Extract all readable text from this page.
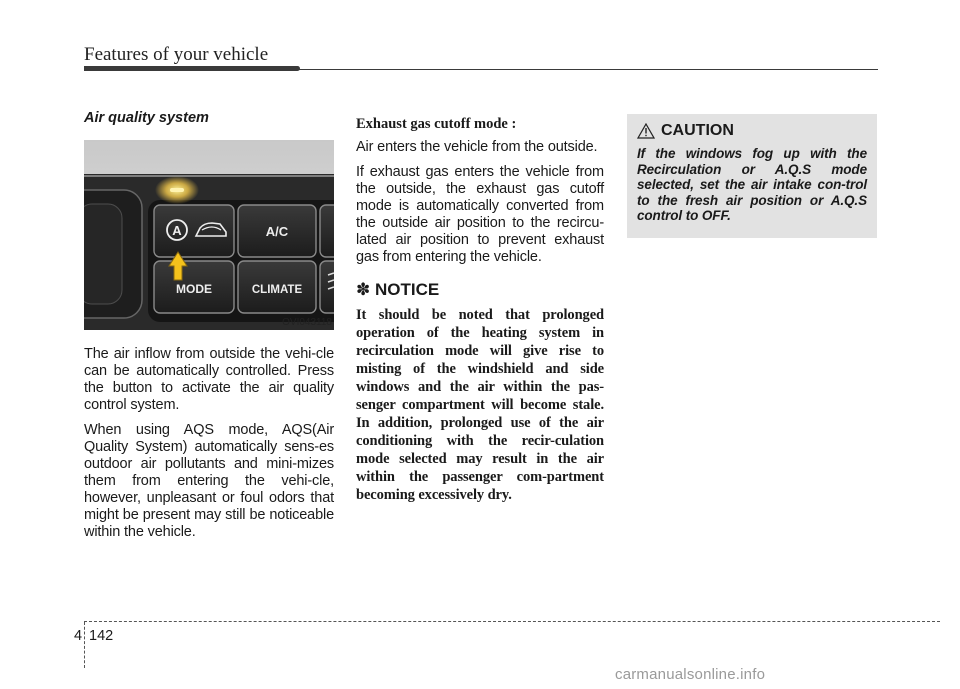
Features of your vehicle
Air quality system
A	A/C
MODE	CLIMATE
OVI043118

The air inflow from outside the vehi-cle can be automatically controlled. Press the button to activate the air quality control system.

When using AQS mode, AQS(Air Quality System) automatically sens-es outdoor air pollutants and mini-mizes them from entering the vehi-cle, however, unpleasant or foul odors that might be present may still be noticeable within the vehicle.

Exhaust gas cutoff mode :

Air enters the vehicle from the outside.

If exhaust gas enters the vehicle from the outside, the exhaust gas cutoff mode is automatically converted from the outside air position to the recircu-lated air position to prevent exhaust gas from entering the vehicle.

✽ NOTICE

It should be noted that prolonged operation of the heating system in recirculation mode will give rise to misting of the windshield and side windows and the air within the pas-senger compartment will become stale. In addition, prolonged use of the air conditioning with the recir-culation mode selected may result in the air within the passenger com-partment becoming excessively dry.

CAUTION

If the windows fog up with the Recirculation or A.Q.S mode selected, set the air intake con-trol to the fresh air position or A.Q.S control to OFF.

4 142
carmanualsonline.info
